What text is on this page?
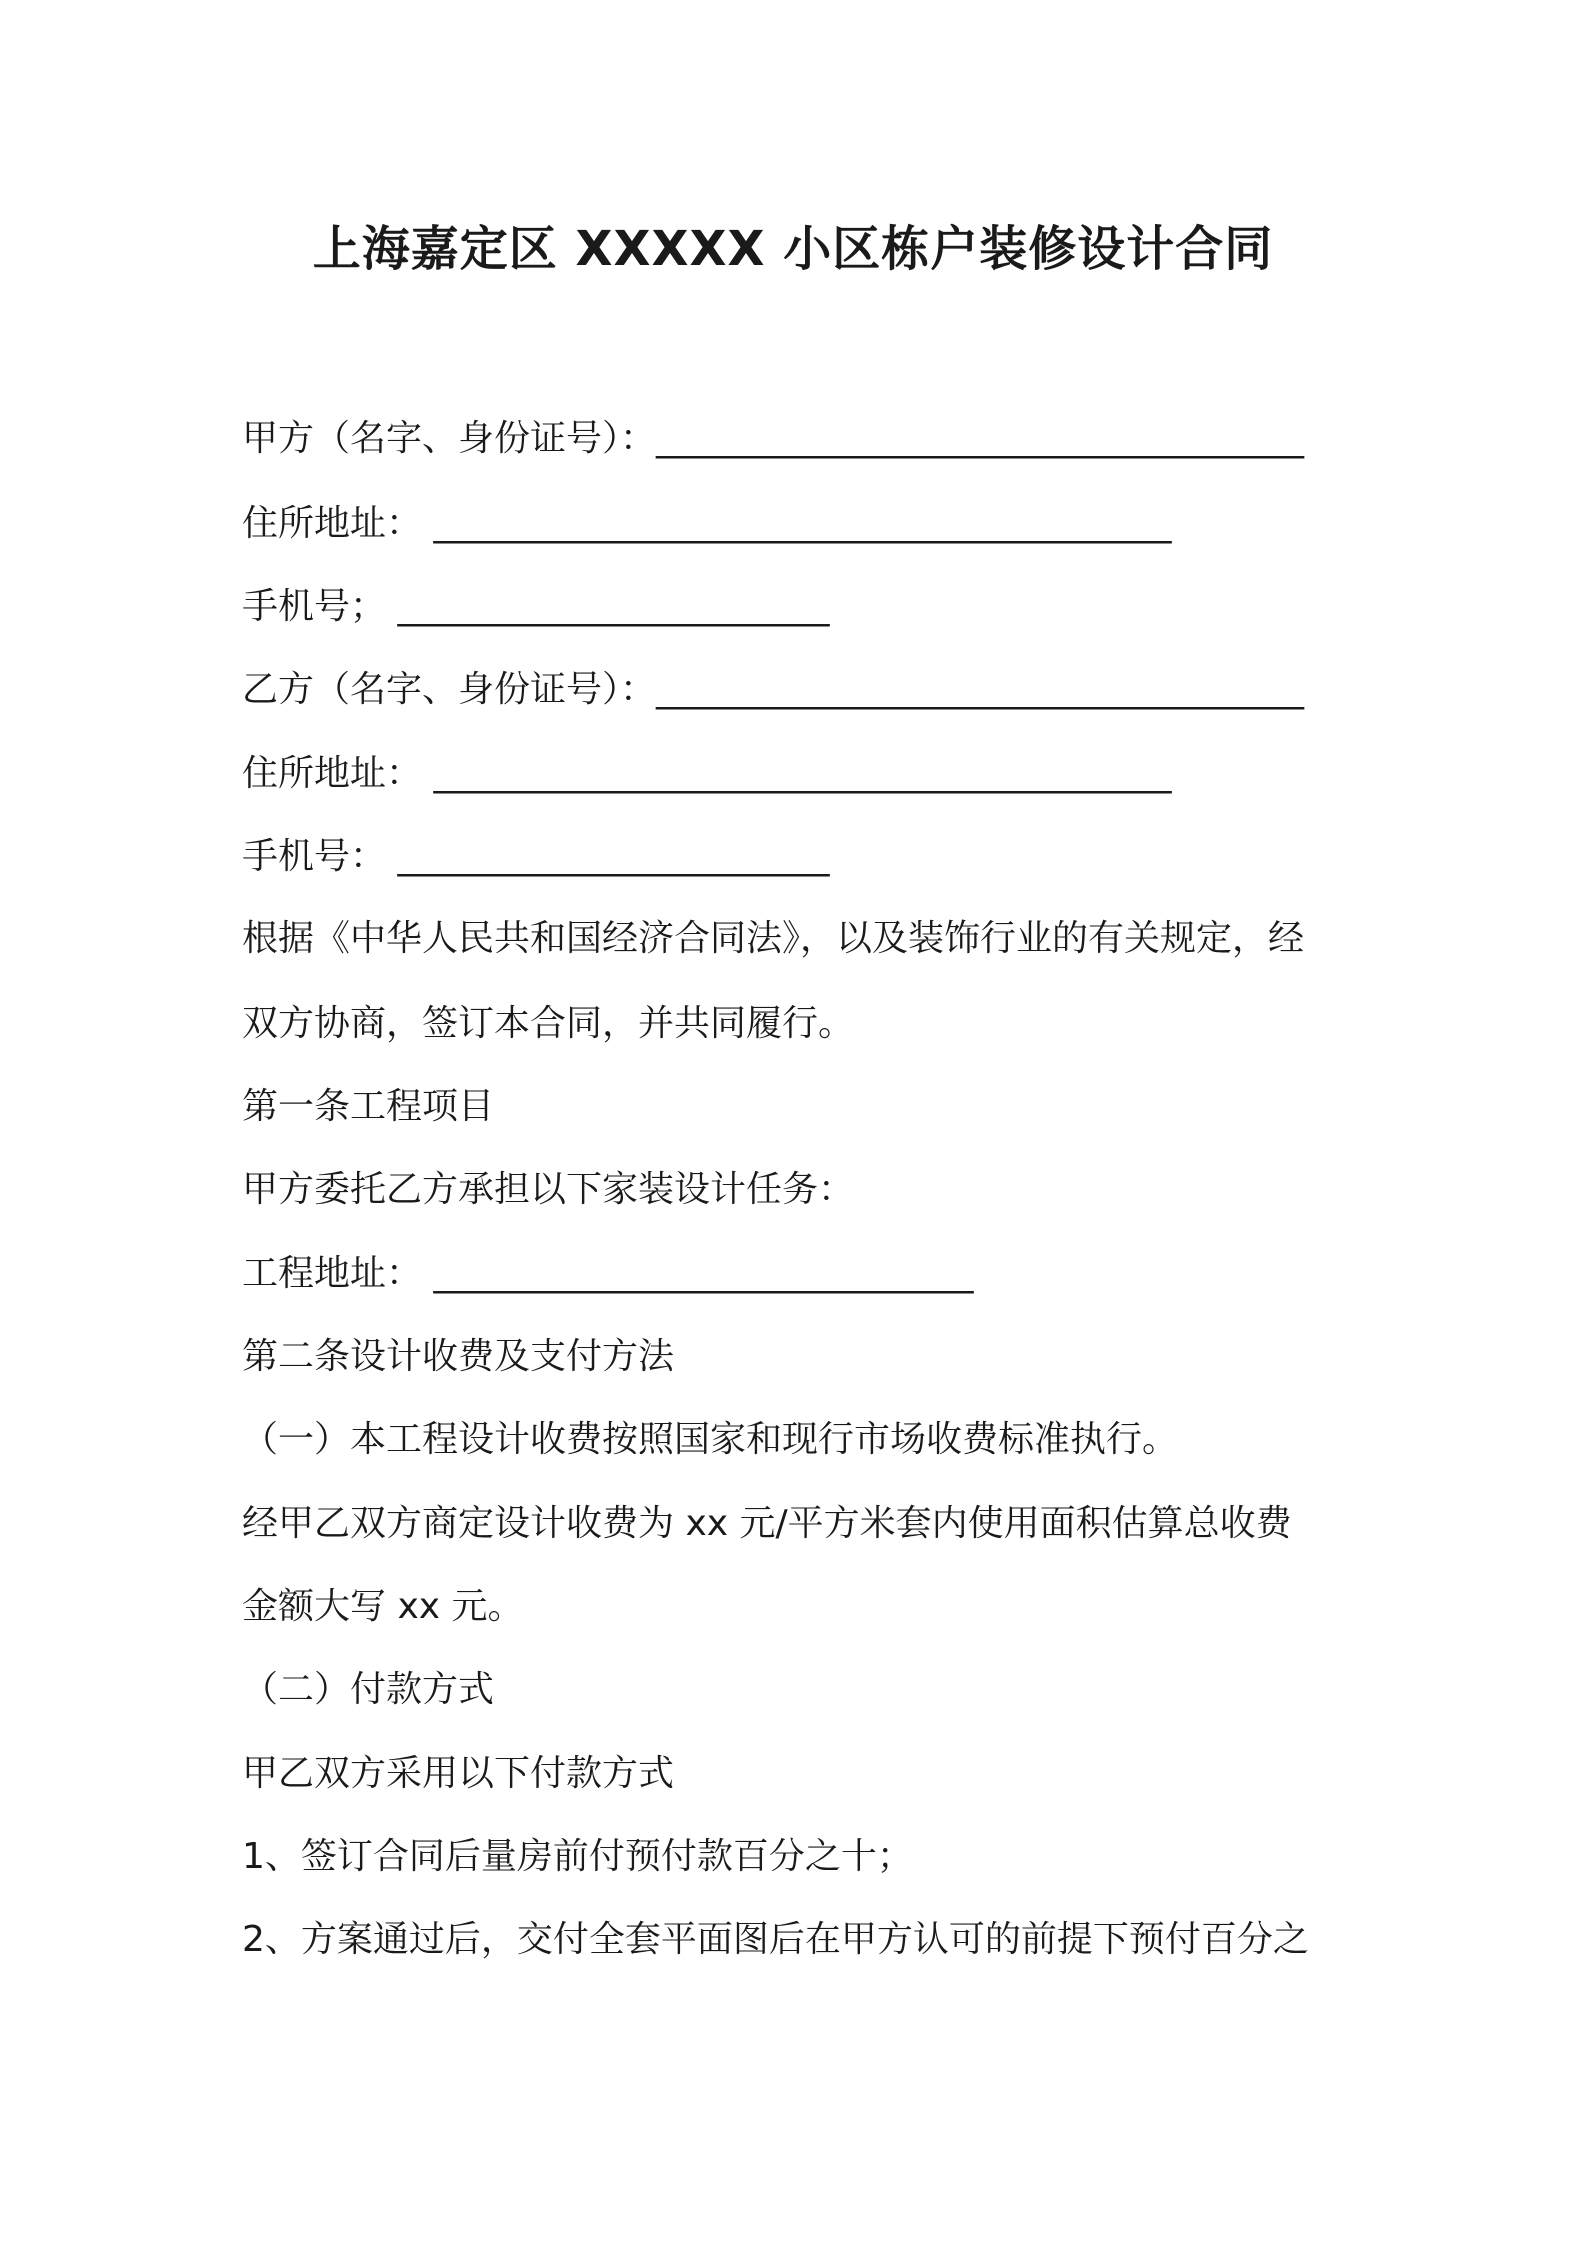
上海嘉定区 XXXXX 小区栋户装修设计合同
甲方（名字、身份证号）：____________________________________
住所地址： _________________________________________
手机号； ________________________
乙方（名字、身份证号）：____________________________________
住所地址： _________________________________________
手机号： ________________________
根据《中华人民共和国经济合同法》，以及装饰行业的有关规定，经
双方协商，签订本合同，并共同履行。
第一条工程项目
甲方委托乙方承担以下家装设计任务：
工程地址： ______________________________
第二条设计收费及支付方法
（一）本工程设计收费按照国家和现行市场收费标准执行。
经甲乙双方商定设计收费为 xx 元/平方米套内使用面积估算总收费
金额大写 xx 元。
（二）付款方式
甲乙双方采用以下付款方式
1、签订合同后量房前付预付款百分之十；
2、方案通过后，交付全套平面图后在甲方认可的前提下预付百分之
